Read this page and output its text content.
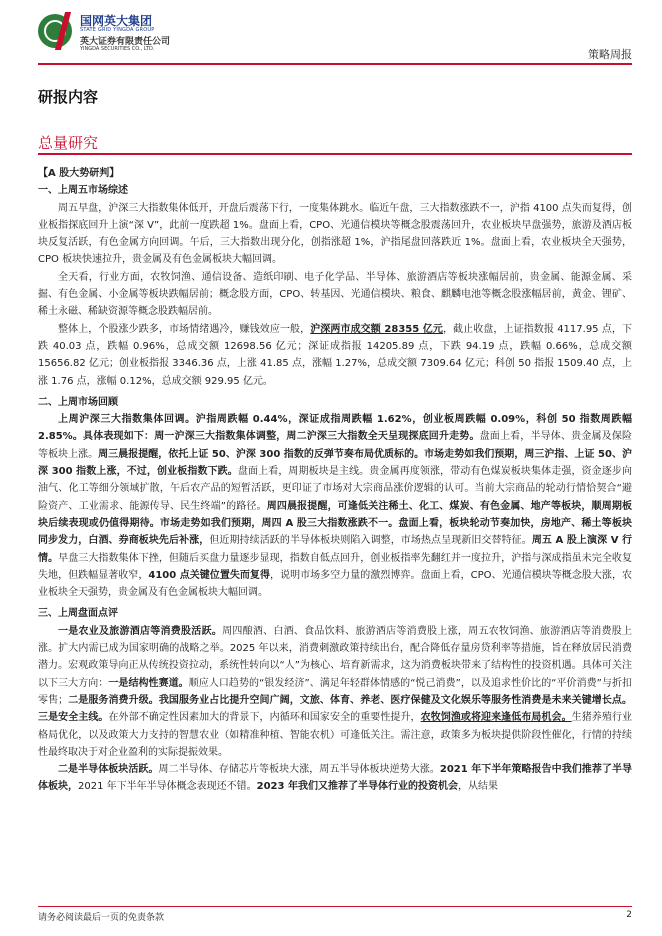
国网英大集团
STATE GRID YINGDA GROUP
英大证券有限责任公司
YINGDA SECURITIES CO., LTD.	策略周报
研报内容
总量研究

【A 股大势研判】

一、上周五市场综述

周五早盘，沪深三大指数集体低开，开盘后震荡下行，一度集体跳水。临近午盘，三大指数涨跌不一，沪指 4100 点失而复得，创业板指探底回升上演“深 V”，此前一度跌超 1%。盘面上看，CPO、光通信模块等概念股震荡回升，农业板块早盘强势，旅游及酒店板块反复活跃，有色金属方向回调。午后，三大指数出现分化，创指涨超 1%，沪指尾盘回落跌近 1%。盘面上看，农业板块全天强势，CPO 板块快速拉升，贵金属及有色金属板块大幅回调。

全天看，行业方面，农牧饲渔、通信设备、造纸印刷、电子化学品、半导体、旅游酒店等板块涨幅居前，贵金属、能源金属、采掘、有色金属、小金属等板块跌幅居前；概念股方面，CPO、转基因、光通信模块、粮食、麒麟电池等概念股涨幅居前，黄金、锂矿、稀土永磁、稀缺资源等概念股跌幅居前。

整体上，个股涨少跌多，市场情绪遇冷，赚钱效应一般，沪深两市成交额 28355 亿元，截止收盘，上证指数报 4117.95 点，下跌 40.03 点，跌幅 0.96%，总成交额 12698.56 亿元；深证成指报 14205.89 点，下跌 94.19 点，跌幅 0.66%，总成交额 15656.82 亿元；创业板指报 3346.36 点，上涨 41.85 点，涨幅 1.27%，总成交额 7309.64 亿元；科创 50 指报 1509.40 点，上涨 1.76 点，涨幅 0.12%，总成交额 929.95 亿元。

二、上周市场回顾

上周沪深三大指数集体回调。沪指周跌幅 0.44%，深证成指周跌幅 1.62%，创业板周跌幅 0.09%，科创 50 指数周跌幅 2.85%。具体表现如下：周一沪深三大指数集体调整，周二沪深三大指数全天呈现探底回升走势。盘面上看，半导体、贵金属及保险等板块上涨。周三晨报提醒，依托上证 50、沪深 300 指数的反弹节奏布局优质标的。市场走势如我们预期，周三沪指、上证 50、沪深 300 指数上涨，不过，创业板指数下跌。盘面上看，周期板块是主线。贵金属再度领涨，带动有色煤炭板块集体走强，资金逐步向油气、化工等细分领域扩散，午后农产品的短暂活跃，更印证了市场对大宗商品涨价逻辑的认可。当前大宗商品的轮动行情恰契合“避险资产、工业需求、能源传导、民生终端”的路径。周四晨报提醒，可逢低关注稀土、化工、煤炭、有色金属、地产等板块，顺周期板块后续表现或仍值得期待。市场走势如我们预期，周四 A 股三大指数涨跌不一。盘面上看，板块轮动节奏加快，房地产、稀土等板块同步发力，白酒、券商板块先后补涨，但近期持续活跃的半导体板块则陷入调整，市场热点呈现新旧交替特征。周五 A 股上演深 V 行情。早盘三大指数集体下挫，但随后买盘力量逐步显现，指数自低点回升，创业板指率先翻红并一度拉升，沪指与深成指虽未完全收复失地，但跌幅显著收窄，4100 点关键位置失而复得，说明市场多空力量的激烈博弈。盘面上看，CPO、光通信模块等概念股大涨，农业板块全天强势，贵金属及有色金属板块大幅回调。

三、上周盘面点评

一是农业及旅游酒店等消费股活跃。周四酿酒、白酒、食品饮料、旅游酒店等消费股上涨，周五农牧饲渔、旅游酒店等消费股上涨。扩大内需已成为国家明确的战略之举。2025 年以来，消费刺激政策持续出台，配合降低存量房贷利率等措施，旨在释放居民消费潜力。宏观政策导向正从传统投资拉动，系统性转向以“人”为核心、培育新需求，这为消费板块带来了结构性的投资机遇。具体可关注以下三大方向：一是结构性赛道。顺应人口趋势的“银发经济”、满足年轻群体情感的“悦己消费”，以及追求性价比的“平价消费”与折扣零售；二是服务消费升级。我国服务业占比提升空间广阔，文旅、体育、养老、医疗保健及文化娱乐等服务性消费是未来关键增长点。三是安全主线。在外部不确定性因素加大的背景下，内循环和国家安全的重要性提升，农牧饲渔或将迎来逢低布局机会。生猪养殖行业格局优化，以及政策大力支持的智慧农业（如精准种植、智能农机）可逢低关注。需注意，政策多为板块提供阶段性催化，行情的持续性最终取决于对企业盈利的实际提振效果。

二是半导体板块活跃。周二半导体、存储芯片等板块大涨，周五半导体板块逆势大涨。2021 年下半年策略报告中我们推荐了半导体板块，2021 年下半年半导体概念表现还不错。2023 年我们又推荐了半导体行业的投资机会，从结果

请务必阅读最后一页的免责条款	2
